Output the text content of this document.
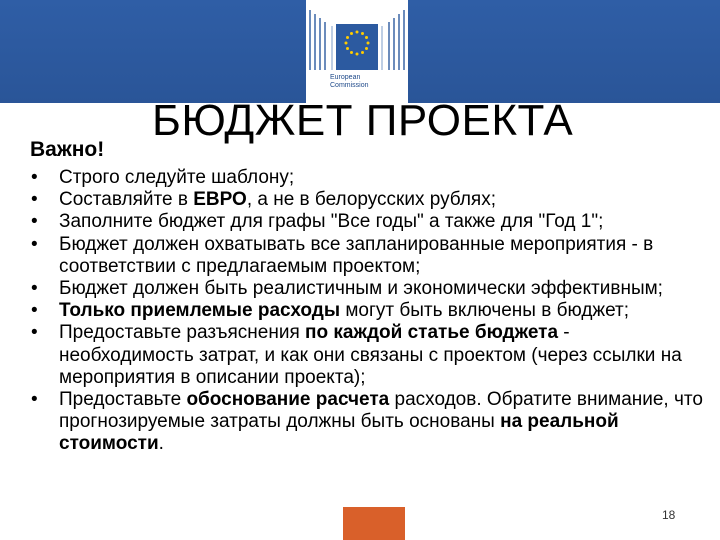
European
Commission
БЮДЖЕТ ПРОЕКТА
Важно!
• Строго следуйте шаблону;
• Составляйте в ЕВРО, а не в белорусских рублях;
• Заполните бюджет для графы "Все годы" а также для "Год 1";
• Бюджет должен охватывать все запланированные мероприятия - в соответствии с предлагаемым проектом;
• Бюджет должен быть реалистичным и экономически эффективным;
• Только приемлемые расходы могут быть включены в бюджет;
• Предоставьте разъяснения по каждой статье бюджета - необходимость затрат, и как они связаны с проектом (через ссылки на мероприятия в описании проекта);
• Предоставьте обоснование расчета расходов. Обратите внимание, что прогнозируемые затраты должны быть основаны на реальной стоимости.
18
